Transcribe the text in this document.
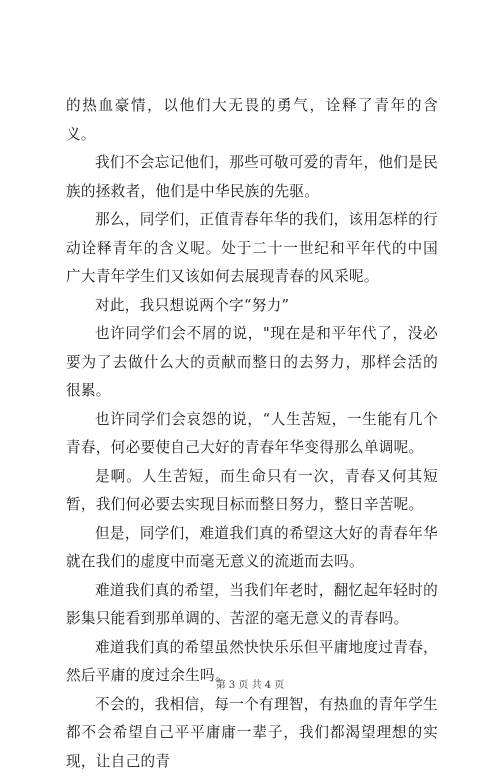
的热血豪情，以他们大无畏的勇气，诠释了青年的含义。

我们不会忘记他们，那些可敬可爱的青年，他们是民族的拯救者，他们是中华民族的先驱。

那么，同学们，正值青春年华的我们，该用怎样的行动诠释青年的含义呢。处于二十一世纪和平年代的中国广大青年学生们又该如何去展现青春的风采呢。

对此，我只想说两个字“努力”

也许同学们会不屑的说，"现在是和平年代了，没必要为了去做什么大的贡献而整日的去努力，那样会活的很累。

也许同学们会哀怨的说，“人生苦短，一生能有几个青春，何必要使自己大好的青春年华变得那么单调呢。

是啊。人生苦短，而生命只有一次，青春又何其短暂，我们何必要去实现目标而整日努力，整日辛苦呢。

但是，同学们，难道我们真的希望这大好的青春年华就在我们的虚度中而毫无意义的流逝而去吗。

难道我们真的希望，当我们年老时，翻忆起年轻时的影集只能看到那单调的、苦涩的毫无意义的青春吗。

难道我们真的希望虽然快快乐乐但平庸地度过青春，然后平庸的度过余生吗。

不会的，我相信，每一个有理智，有热血的青年学生都不会希望自己平平庸庸一辈子，我们都渴望理想的实现，让自己的青

第 3 页 共 4 页
